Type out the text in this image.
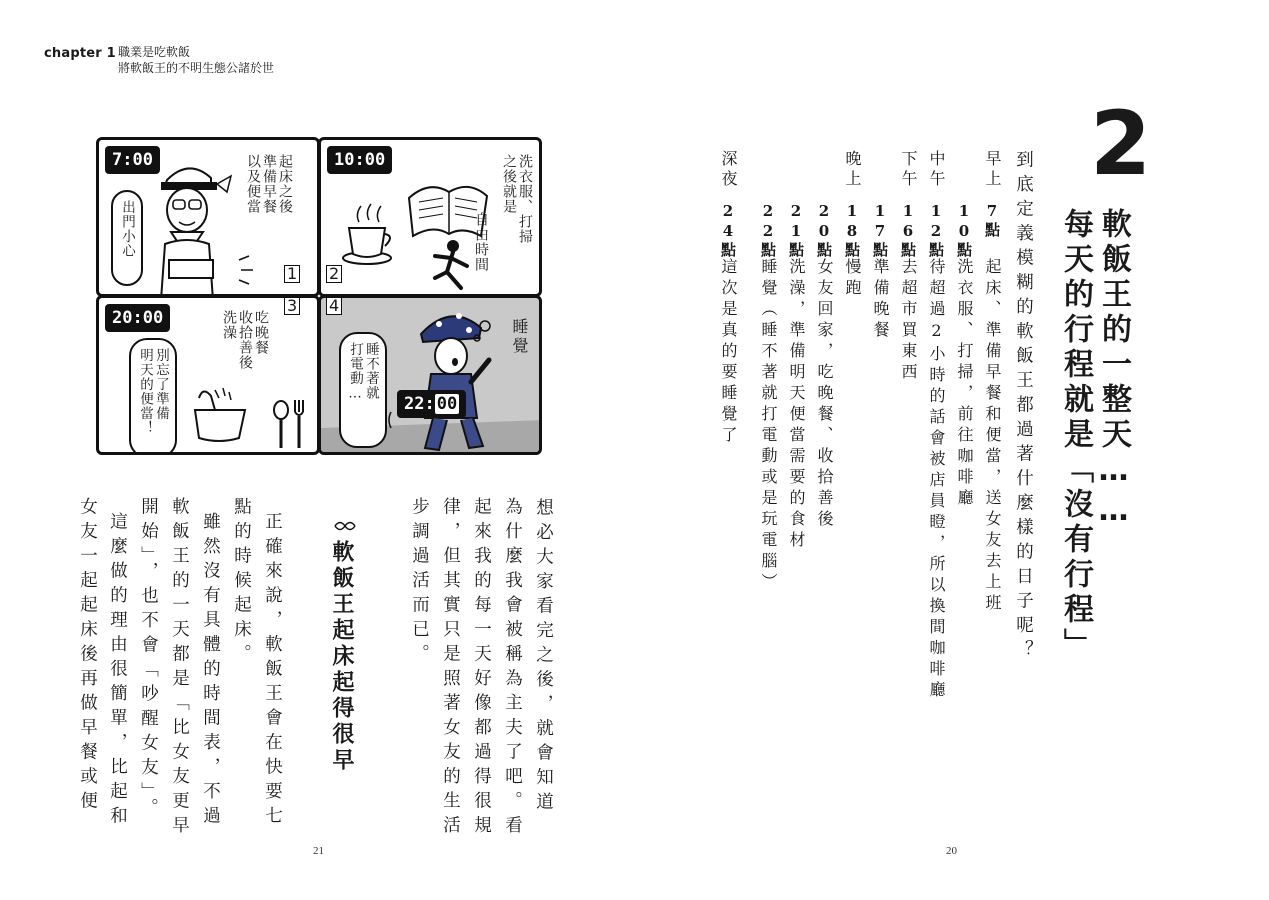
chapter 1 職業是吃軟飯
將軟飯王的不明生態公諸於世
2
軟飯王的一整天……
每天的行程就是「沒有行程」
到底定義模糊的軟飯王都過著什麼樣的日子呢？
20
7:00
出門小心
起床之後
準備早餐
以及便當	10:00	洗衣服、打掃
之後就是
自由時間
20:00
別忘了準備
明天的便當！
吃晚餐
收拾善後
洗澡
22: 00
睡不著就
打電動…
睡覺
1 2
3 4
軟飯王起床起得很早
21
早上
7點
起床、準備早餐和便當，送女友去上班
10點
洗衣服、打掃，前往咖啡廳
中午
12點
待超過2小時的話會被店員瞪，所以換間咖啡廳
下午
16點
去超市買東西
17點
準備晚餐
晚上
18點
慢跑
20點
女友回家，吃晚餐、收拾善後
21點
洗澡，準備明天便當需要的食材
22點
睡覺（睡不著就打電動或是玩電腦）
深夜
24點
這次是真的要睡覺了
想必大家看完之後，就會知道
為什麼我會被稱為主夫了吧。看
起來我的每一天好像都過得很規
律，但其實只是照著女友的生活
步調過活而已。
正確來說，軟飯王會在快要七
點的時候起床。
雖然沒有具體的時間表，不過
軟飯王的一天都是「比女友更早
開始」，也不會「吵醒女友」。
這麼做的理由很簡單，比起和
女友一起起床後再做早餐或便
